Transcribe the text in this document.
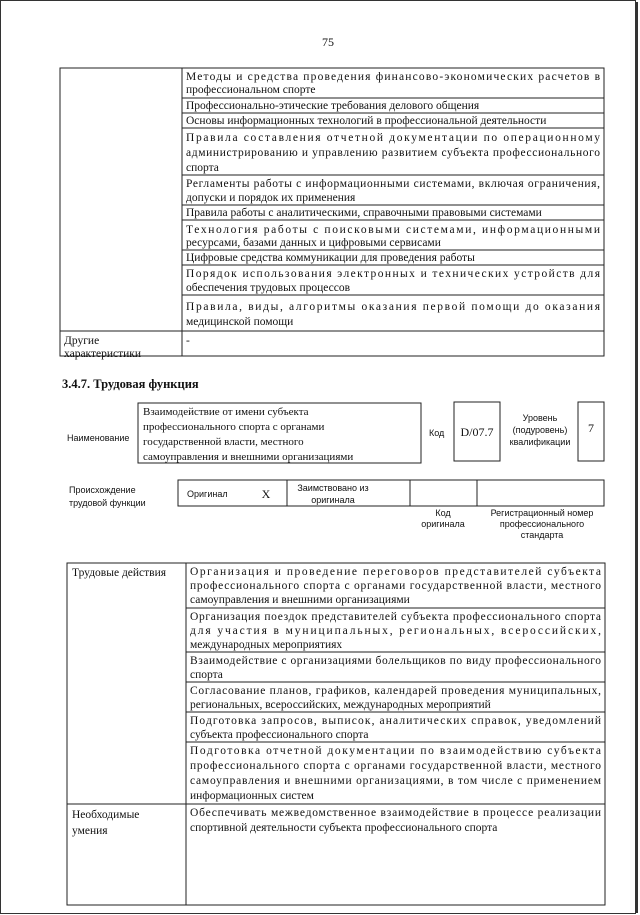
75
Методы и средства проведения финансово-экономических расчетов в
профессиональном спорте
Профессионально-этические требования делового общения
Основы информационных технологий в профессиональной деятельности
Правила составления отчетной документации по операционному
администрированию и управлению развитием субъекта профессионального
спорта
Регламенты работы с информационными системами, включая ограничения,
допуски и порядок их применения
Правила работы с аналитическими, справочными правовыми системами
Технология работы с поисковыми системами, информационными
ресурсами, базами данных и цифровыми сервисами
Цифровые средства коммуникации для проведения работы
Порядок использования электронных и технических устройств для
обеспечения трудовых процессов
Правила, виды, алгоритмы оказания первой помощи до оказания
медицинской помощи
Другие
характеристики
-
3.4.7. Трудовая функция
Наименование
Взаимодействие от имени субъекта
профессионального спорта с органами
государственной власти, местного
самоуправления и внешними организациями
Код D/07.7
Уровень
(подуровень)
квалификации
7
Происхождение
трудовой функции
Оригинал	Х	Заимствовано из
оригинала
Код
оригинала
Регистрационный номер
профессионального
стандарта
Трудовые действия Организация и проведение переговоров представителей субъекта
профессионального спорта с органами государственной власти, местного
самоуправления и внешними организациями
Организация поездок представителей субъекта профессионального спорта
для участия в муниципальных, региональных, всероссийских,
международных мероприятиях
Взаимодействие с организациями болельщиков по виду профессионального
спорта
Согласование планов, графиков, календарей проведения муниципальных,
региональных, всероссийских, международных мероприятий
Подготовка запросов, выписок, аналитических справок, уведомлений
субъекта профессионального спорта
Подготовка отчетной документации по взаимодействию субъекта
профессионального спорта с органами государственной власти, местного
самоуправления и внешними организациями, в том числе с применением
информационных систем
Необходимые
умения
Обеспечивать межведомственное взаимодействие в процессе реализации
спортивной деятельности субъекта профессионального спорта
